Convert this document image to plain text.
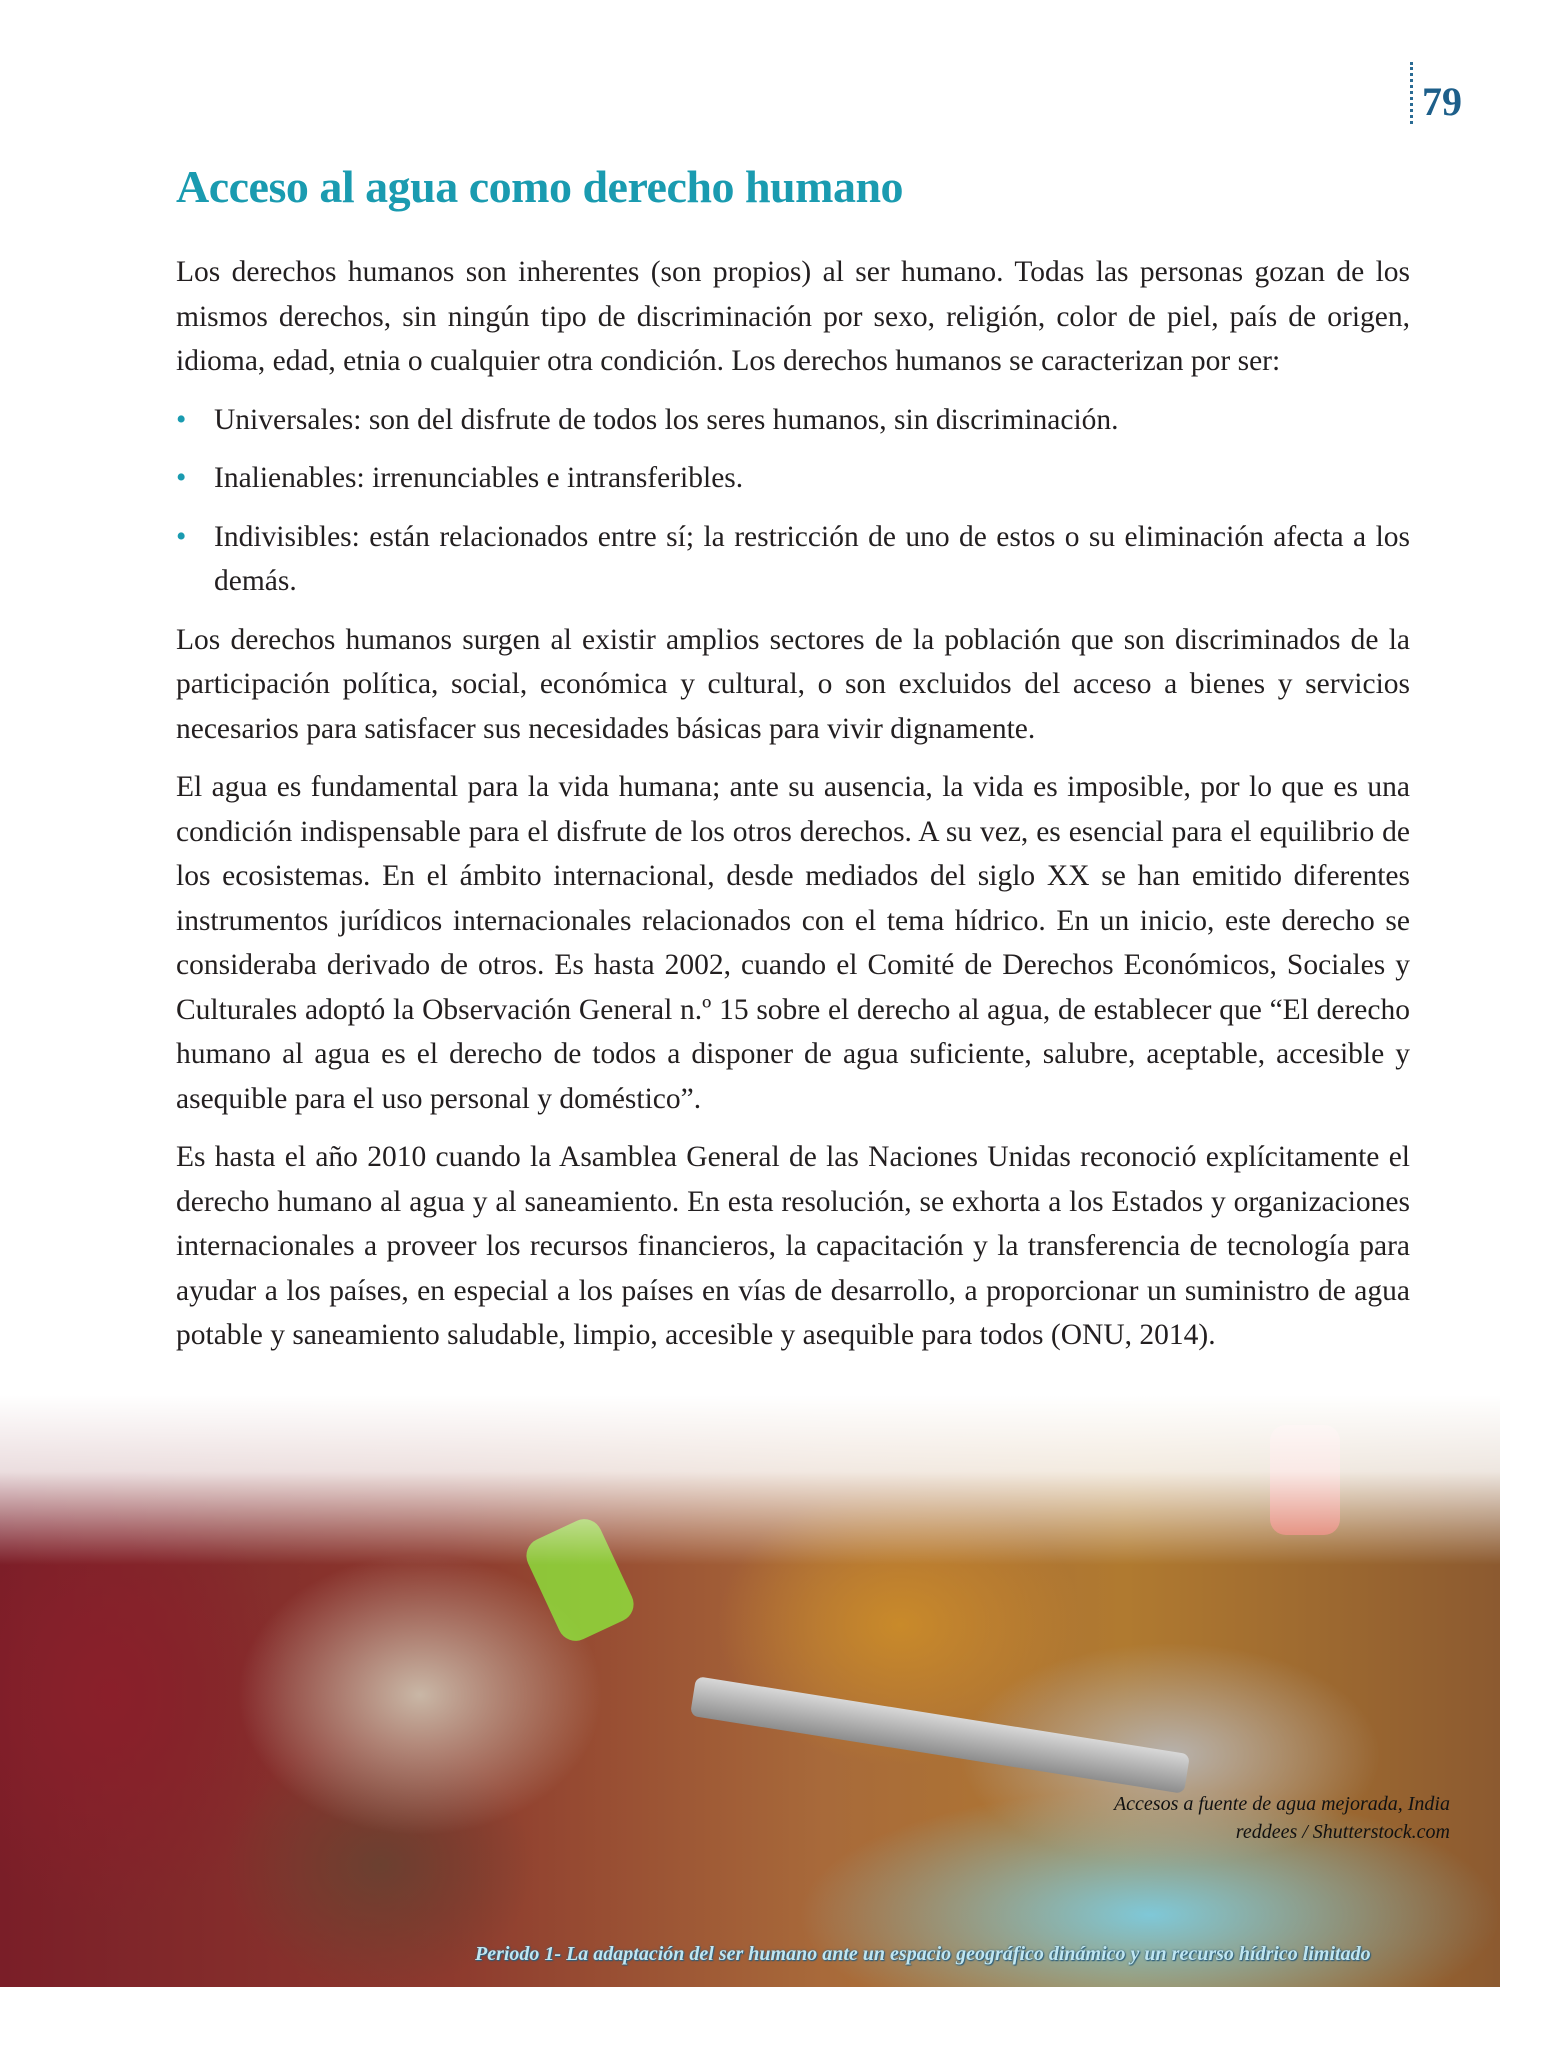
79
Acceso al agua como derecho humano

Los derechos humanos son inherentes (son propios) al ser humano. Todas las personas gozan de los mismos derechos, sin ningún tipo de discriminación por sexo, religión, color de piel, país de origen, idioma, edad, etnia o cualquier otra condición. Los derechos humanos se caracterizan por ser:

• Universales: son del disfrute de todos los seres humanos, sin discriminación.
• Inalienables: irrenunciables e intransferibles.
• Indivisibles: están relacionados entre sí; la restricción de uno de estos o su eliminación afecta a los demás.

Los derechos humanos surgen al existir amplios sectores de la población que son discriminados de la participación política, social, económica y cultural, o son excluidos del acceso a bienes y servicios necesarios para satisfacer sus necesidades básicas para vivir dignamente.

El agua es fundamental para la vida humana; ante su ausencia, la vida es imposible, por lo que es una condición indispensable para el disfrute de los otros derechos. A su vez, es esencial para el equilibrio de los ecosistemas. En el ámbito internacional, desde mediados del siglo XX se han emitido diferentes instrumentos jurídicos internacionales relacionados con el tema hídrico. En un inicio, este derecho se consideraba derivado de otros. Es hasta 2002, cuando el Comité de Derechos Económicos, Sociales y Culturales adoptó la Observación General n.º 15 sobre el derecho al agua, de establecer que “El derecho humano al agua es el derecho de todos a disponer de agua suficiente, salubre, aceptable, accesible y asequible para el uso personal y doméstico”.

Es hasta el año 2010 cuando la Asamblea General de las Naciones Unidas reconoció explícitamente el derecho humano al agua y al saneamiento. En esta resolución, se exhorta a los Estados y organizaciones internacionales a proveer los recursos financieros, la capacitación y la transferencia de tecnología para ayudar a los países, en especial a los países en vías de desarrollo, a proporcionar un suministro de agua potable y saneamiento saludable, limpio, accesible y asequible para todos (ONU, 2014).

Accesos a fuente de agua mejorada, India
reddees / Shutterstock.com
Periodo 1- La adaptación del ser humano ante un espacio geográfico dinámico y un recurso hídrico limitado
